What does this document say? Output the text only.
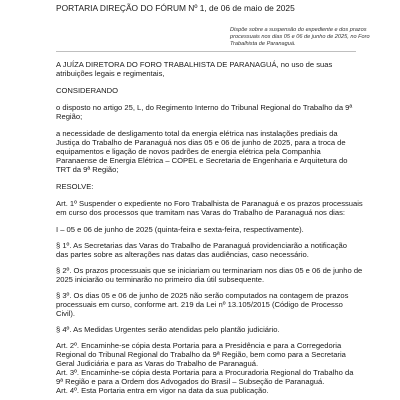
PORTARIA DIREÇÃO DO FÓRUM Nº 1, de 06 de maio de 2025
Dispõe sobre a suspensão do expediente e dos prazos
processuais nos dias 05 e 06 de junho de 2025, no Foro
Trabalhista de Paranaguá.
A JUÍZA DIRETORA DO FORO TRABALHISTA DE PARANAGUÁ, no uso de suas
atribuições legais e regimentais,
CONSIDERANDO
o disposto no artigo 25, L, do Regimento Interno do Tribunal Regional do Trabalho da 9ª
Região;
a necessidade de desligamento total da energia elétrica nas instalações prediais da
Justiça do Trabalho de Paranaguá nos dias 05 e 06 de junho de 2025, para a troca de
equipamentos e ligação de novos padrões de energia elétrica pela Companhia
Paranaense de Energia Elétrica – COPEL e Secretaria de Engenharia e Arquitetura do
TRT da 9ª Região;
RESOLVE:
Art. 1º Suspender o expediente no Foro Trabalhista de Paranaguá e os prazos processuais
em curso dos processos que tramitam nas Varas do Trabalho de Paranaguá nos dias:
I – 05 e 06 de junho de 2025 (quinta-feira e sexta-feira, respectivamente).
§ 1º. As Secretarias das Varas do Trabalho de Paranaguá providenciarão a notificação
das partes sobre as alterações nas datas das audiências, caso necessário.
§ 2º. Os prazos processuais que se iniciariam ou terminariam nos dias 05 e 06 de junho de
2025 iniciarão ou terminarão no primeiro dia útil subsequente.
§ 3º. Os dias 05 e 06 de junho de 2025 não serão computados na contagem de prazos
processuais em curso, conforme art. 219 da Lei nº 13.105/2015 (Código de Processo
Civil).
§ 4º. As Medidas Urgentes serão atendidas pelo plantão judiciário.
Art. 2º. Encaminhe-se cópia desta Portaria para a Presidência e para a Corregedoria
Regional do Tribunal Regional do Trabalho da 9ª Região, bem como para a Secretaria
Geral Judiciária e para as Varas do Trabalho de Paranaguá.
Art. 3º. Encaminhe-se cópia desta Portaria para a Procuradoria Regional do Trabalho da
9ª Região e para a Ordem dos Advogados do Brasil – Subseção de Paranaguá.
Art. 4º. Esta Portaria entra em vigor na data da sua publicação.
